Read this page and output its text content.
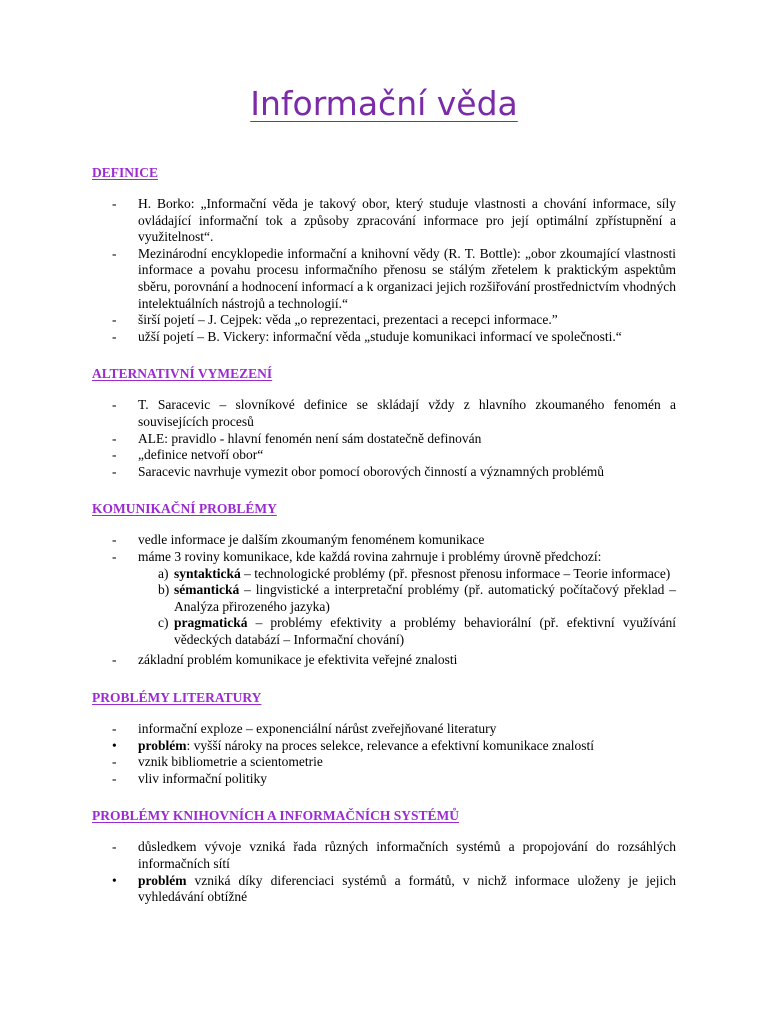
Informační věda
DEFINICE
- H. Borko: „Informační věda je takový obor, který studuje vlastnosti a chování informace, síly ovládající informační tok a způsoby zpracování informace pro její optimální zpřístupnění a využitelnost“.
- Mezinárodní encyklopedie informační a knihovní vědy (R. T. Bottle): „obor zkoumající vlastnosti informace a povahu procesu informačního přenosu se stálým zřetelem k praktickým aspektům sběru, porovnání a hodnocení informací a k organizaci jejich rozšiřování prostřednictvím vhodných intelektuálních nástrojů a technologií.“
- širší pojetí – J. Cejpek: věda „o reprezentaci, prezentaci a recepci informace.”
- užší pojetí – B. Vickery: informační věda „studuje komunikaci informací ve společnosti.“
ALTERNATIVNÍ VYMEZENÍ
- T. Saracevic – slovníkové definice se skládají vždy z hlavního zkoumaného fenomén a souvisejících procesů
- ALE: pravidlo - hlavní fenomén není sám dostatečně definován
- „definice netvoří obor“
- Saracevic navrhuje vymezit obor pomocí oborových činností a významných problémů
KOMUNIKAČNÍ PROBLÉMY
- vedle informace je dalším zkoumaným fenoménem komunikace
- máme 3 roviny komunikace, kde každá rovina zahrnuje i problémy úrovně předchozí:
a) syntaktická – technologické problémy (př. přesnost přenosu informace – Teorie informace)
b) sémantická – lingvistické a interpretační problémy (př. automatický počítačový překlad – Analýza přirozeného jazyka)
c) pragmatická – problémy efektivity a problémy behaviorální (př. efektivní využívání vědeckých databází – Informační chování)
- základní problém komunikace je efektivita veřejné znalosti
PROBLÉMY LITERATURY
- informační exploze – exponenciální nárůst zveřejňované literatury
• problém: vyšší nároky na proces selekce, relevance a efektivní komunikace znalostí
- vznik bibliometrie a scientometrie
- vliv informační politiky
PROBLÉMY KNIHOVNÍCH A INFORMAČNÍCH SYSTÉMŮ
- důsledkem vývoje vzniká řada různých informačních systémů a propojování do rozsáhlých informačních sítí
• problém vzniká díky diferenciaci systémů a formátů, v nichž informace uloženy je jejich vyhledávání obtížné
